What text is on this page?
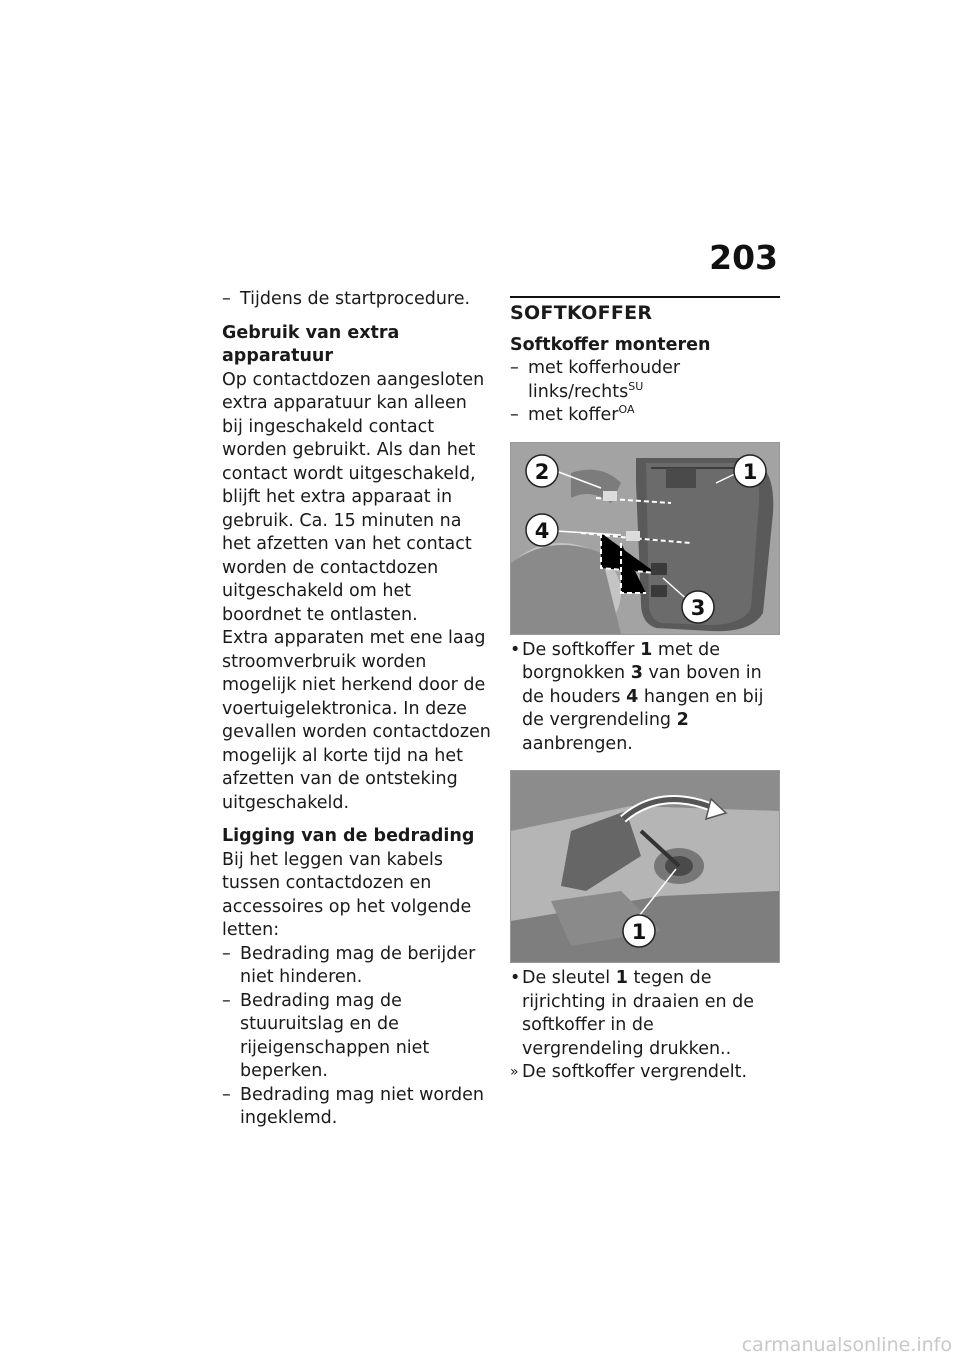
203
– Tijdens de startprocedure.

Gebruik van extra apparatuur

Op contactdozen aangesloten extra apparatuur kan alleen bij ingeschakeld contact worden gebruikt. Als dan het contact wordt uitgeschakeld, blijft het extra apparaat in gebruik. Ca. 15 minuten na het afzetten van het contact worden de contactdozen uitgeschakeld om het boordnet te ontlasten.

Extra apparaten met ene laag stroomverbruik worden mogelijk niet herkend door de voertuigelektronica. In deze gevallen worden contactdozen mogelijk al korte tijd na het afzetten van de ontsteking uitgeschakeld.

Ligging van de bedrading

Bij het leggen van kabels tussen contactdozen en accessoires op het volgende letten:

– Bedrading mag de berijder niet hinderen.
– Bedrading mag de stuuruitslag en de rijeigenschappen niet beperken.
– Bedrading mag niet worden ingeklemd.
SOFTKOFFER

Softkoffer monteren

– met kofferhouder links/rechts$^{SU}$
– met koffer$^{OA}$
2	1
4
3
• De softkoffer 1 met de borgnokken 3 van boven in de houders 4 hangen en bij de vergrendeling 2 aanbrengen.
1
• De sleutel 1 tegen de rijrichting in draaien en de softkoffer in de vergrendeling drukken..
» De softkoffer vergrendelt.
carmanualsonline.info
